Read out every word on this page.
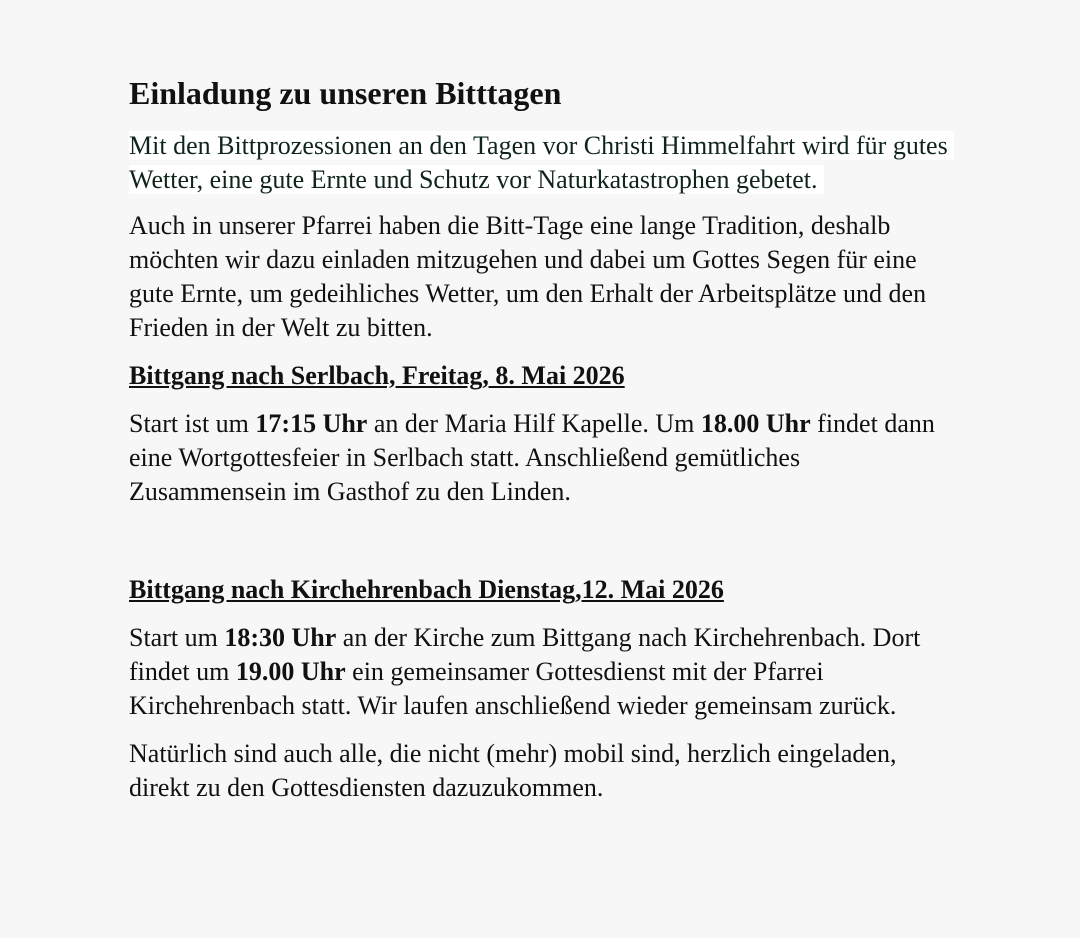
Einladung zu unseren Bitttagen

Mit den Bittprozessionen an den Tagen vor Christi Himmelfahrt wird für gutes Wetter, eine gute Ernte und Schutz vor Naturkatastrophen gebetet.

Auch in unserer Pfarrei haben die Bitt-Tage eine lange Tradition, deshalb möchten wir dazu einladen mitzugehen und dabei um Gottes Segen für eine gute Ernte, um gedeihliches Wetter, um den Erhalt der Arbeitsplätze und den Frieden in der Welt zu bitten.

Bittgang nach Serlbach, Freitag, 8. Mai 2026

Start ist um 17:15 Uhr an der Maria Hilf Kapelle. Um 18.00 Uhr findet dann eine Wortgottesfeier in Serlbach statt. Anschließend gemütliches Zusammensein im Gasthof zu den Linden.

Bittgang nach Kirchehrenbach Dienstag,12. Mai 2026

Start um 18:30 Uhr an der Kirche zum Bittgang nach Kirchehrenbach. Dort findet um 19.00 Uhr ein gemeinsamer Gottesdienst mit der Pfarrei Kirchehrenbach statt. Wir laufen anschließend wieder gemeinsam zurück.

Natürlich sind auch alle, die nicht (mehr) mobil sind, herzlich eingeladen, direkt zu den Gottesdiensten dazuzukommen.
